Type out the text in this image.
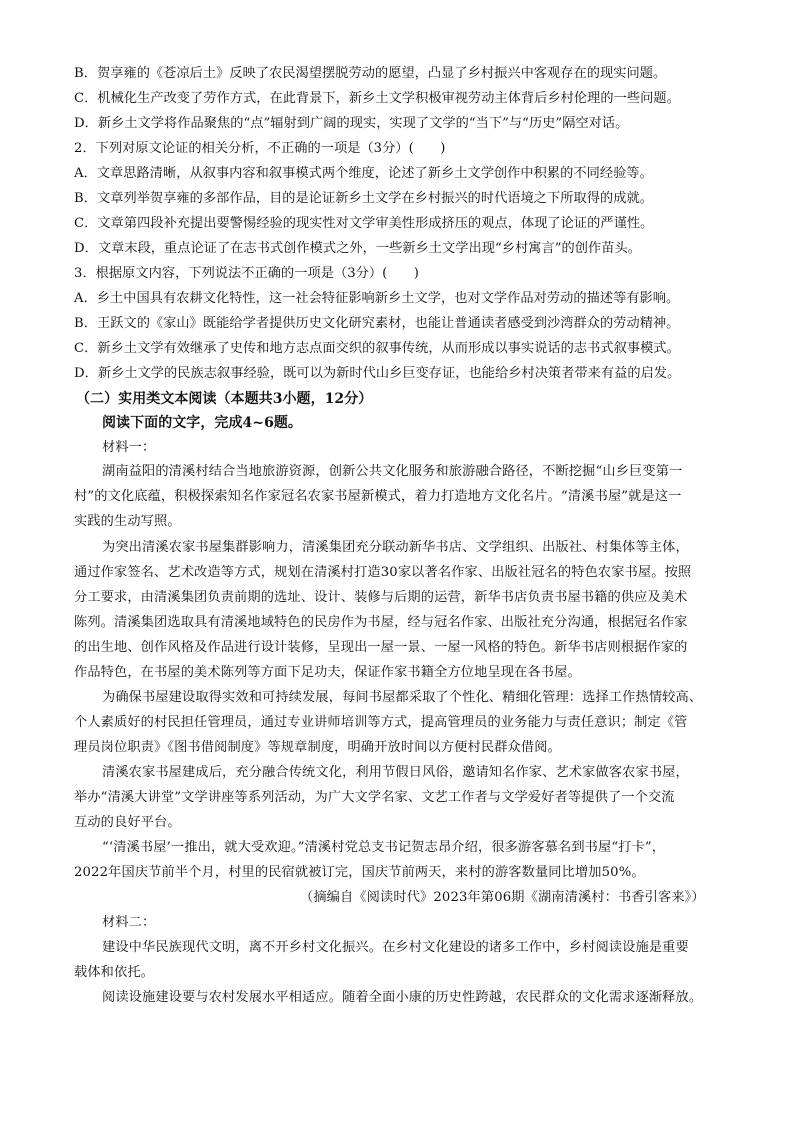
B．贺享雍的《苍凉后土》反映了农民渴望摆脱劳动的愿望，凸显了乡村振兴中客观存在的现实问题。
C．机械化生产改变了劳作方式，在此背景下，新乡土文学积极审视劳动主体背后乡村伦理的一些问题。
D．新乡土文学将作品聚焦的“点”辐射到广阔的现实，实现了文学的“当下”与“历史”隔空对话。
2．下列对原文论证的相关分析，不正确的一项是（3分）(　　)
A．文章思路清晰，从叙事内容和叙事模式两个维度，论述了新乡土文学创作中积累的不同经验等。
B．文章列举贺享雍的多部作品，目的是论证新乡土文学在乡村振兴的时代语境之下所取得的成就。
C．文章第四段补充提出要警惕经验的现实性对文学审美性形成挤压的观点，体现了论证的严谨性。
D．文章末段，重点论证了在志书式创作模式之外，一些新乡土文学出现“乡村寓言”的创作苗头。
3．根据原文内容，下列说法不正确的一项是（3分）(　　)
A．乡土中国具有农耕文化特性，这一社会特征影响新乡土文学，也对文学作品对劳动的描述等有影响。
B．王跃文的《家山》既能给学者提供历史文化研究素材，也能让普通读者感受到沙湾群众的劳动精神。
C．新乡土文学有效继承了史传和地方志点面交织的叙事传统，从而形成以事实说话的志书式叙事模式。
D．新乡土文学的民族志叙事经验，既可以为新时代山乡巨变存证，也能给乡村决策者带来有益的启发。
（二）实用类文本阅读（本题共3小题，12分）
阅读下面的文字，完成4~6题。
材料一：
湖南益阳的清溪村结合当地旅游资源，创新公共文化服务和旅游融合路径，不断挖掘“山乡巨变第一
村”的文化底蕴，积极探索知名作家冠名农家书屋新模式，着力打造地方文化名片。“清溪书屋”就是这一
实践的生动写照。
为突出清溪农家书屋集群影响力，清溪集团充分联动新华书店、文学组织、出版社、村集体等主体，
通过作家签名、艺术改造等方式，规划在清溪村打造30家以著名作家、出版社冠名的特色农家书屋。按照
分工要求，由清溪集团负责前期的选址、设计、装修与后期的运营，新华书店负责书屋书籍的供应及美术
陈列。清溪集团选取具有清溪地域特色的民房作为书屋，经与冠名作家、出版社充分沟通，根据冠名作家
的出生地、创作风格及作品进行设计装修，呈现出一屋一景、一屋一风格的特色。新华书店则根据作家的
作品特色，在书屋的美术陈列等方面下足功夫，保证作家书籍全方位地呈现在各书屋。
为确保书屋建设取得实效和可持续发展，每间书屋都采取了个性化、精细化管理：选择工作热情较高、
个人素质好的村民担任管理员，通过专业讲师培训等方式，提高管理员的业务能力与责任意识；制定《管
理员岗位职责》《图书借阅制度》等规章制度，明确开放时间以方便村民群众借阅。
清溪农家书屋建成后，充分融合传统文化，利用节假日风俗，邀请知名作家、艺术家做客农家书屋，
举办“清溪大讲堂”文学讲座等系列活动，为广大文学名家、文艺工作者与文学爱好者等提供了一个交流
互动的良好平台。
“‘清溪书屋’一推出，就大受欢迎。”清溪村党总支书记贺志昂介绍，很多游客慕名到书屋“打卡”，
2022年国庆节前半个月，村里的民宿就被订完，国庆节前两天，来村的游客数量同比增加50%。
（摘编自《阅读时代》2023年第06期《湖南清溪村：书香引客来》）
材料二：
建设中华民族现代文明，离不开乡村文化振兴。在乡村文化建设的诸多工作中，乡村阅读设施是重要
载体和依托。
阅读设施建设要与农村发展水平相适应。随着全面小康的历史性跨越，农民群众的文化需求逐渐释放。
